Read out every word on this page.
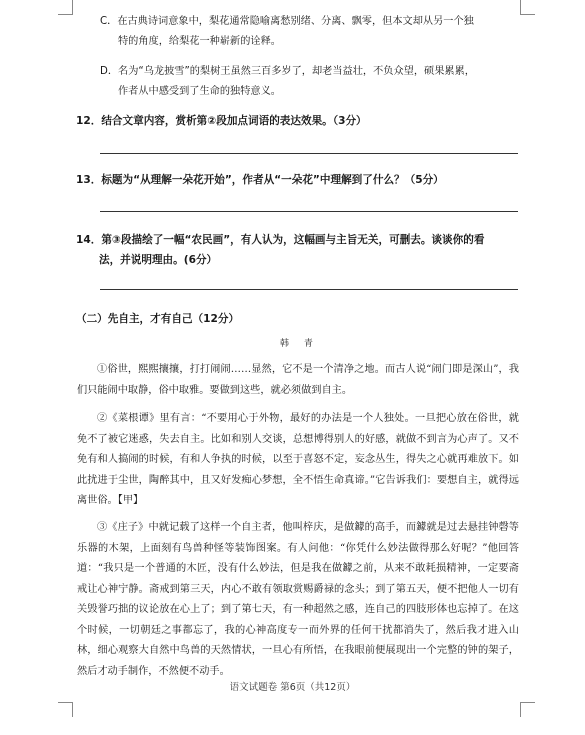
C．在古典诗词意象中，梨花通常隐喻离愁别绪、分离、飘零，但本文却从另一个独
特的角度，给梨花一种崭新的诠释。
D．名为“乌龙披雪”的梨树王虽然三百多岁了，却老当益壮，不负众望，硕果累累，
作者从中感受到了生命的独特意义。
12．结合文章内容，赏析第②段加点词语的表达效果。（3分）
13．标题为“从理解一朵花开始”，作者从“一朵花”中理解到了什么？（5分）
14．第③段描绘了一幅“农民画”，有人认为，这幅画与主旨无关，可删去。谈谈你的看
法，并说明理由。(6分）
（二）先自主，才有自己（12分）
韩 青
①俗世，熙熙攘攘，打打闹闹……显然，它不是一个清净之地。而古人说“闹门即是深山”，我们只能闹中取静，俗中取雅。要做到这些，就必须做到自主。
②《菜根谭》里有言：“不要用心于外物，最好的办法是一个人独处。一旦把心放在俗世，就免不了被它迷惑，失去自主。比如和别人交谈，总想博得别人的好感，就做不到言为心声了。又不免有和人搞闹的时候，有和人争执的时候，以至于喜怒不定，妄念丛生，得失之心就再难放下。如此扰进于尘世，陶醉其中，且又好发痴心梦想，全不悟生命真谛。”它告诉我们：要想自主，就得远离世俗。【甲】
③《庄子》中就记载了这样一个自主者，他叫梓庆，是做鐻的高手，而鐻就是过去悬挂钟磬等乐器的木架，上面刻有鸟兽种怪等装饰图案。有人问他：“你凭什么妙法做得那么好呢？”他回答道：“我只是一个普通的木匠，没有什么妙法，但是我在做鐻之前，从来不敢耗损精神，一定要斋戒让心神宁静。斋戒到第三天，内心不敢有领取赏赐爵禄的念头；到了第五天，便不把他人一切有关毁誉巧拙的议论放在心上了；到了第七天，有一种超然之感，连自己的四肢形体也忘掉了。在这个时候，一切朝廷之事都忘了，我的心神高度专一而外界的任何干扰都消失了，然后我才进入山林，细心观察大自然中鸟兽的天然情状，一旦心有所悟，在我眼前便展现出一个完整的钟的架子，然后才动手制作，不然便不动手。
语文试题卷 第6页（共12页）
